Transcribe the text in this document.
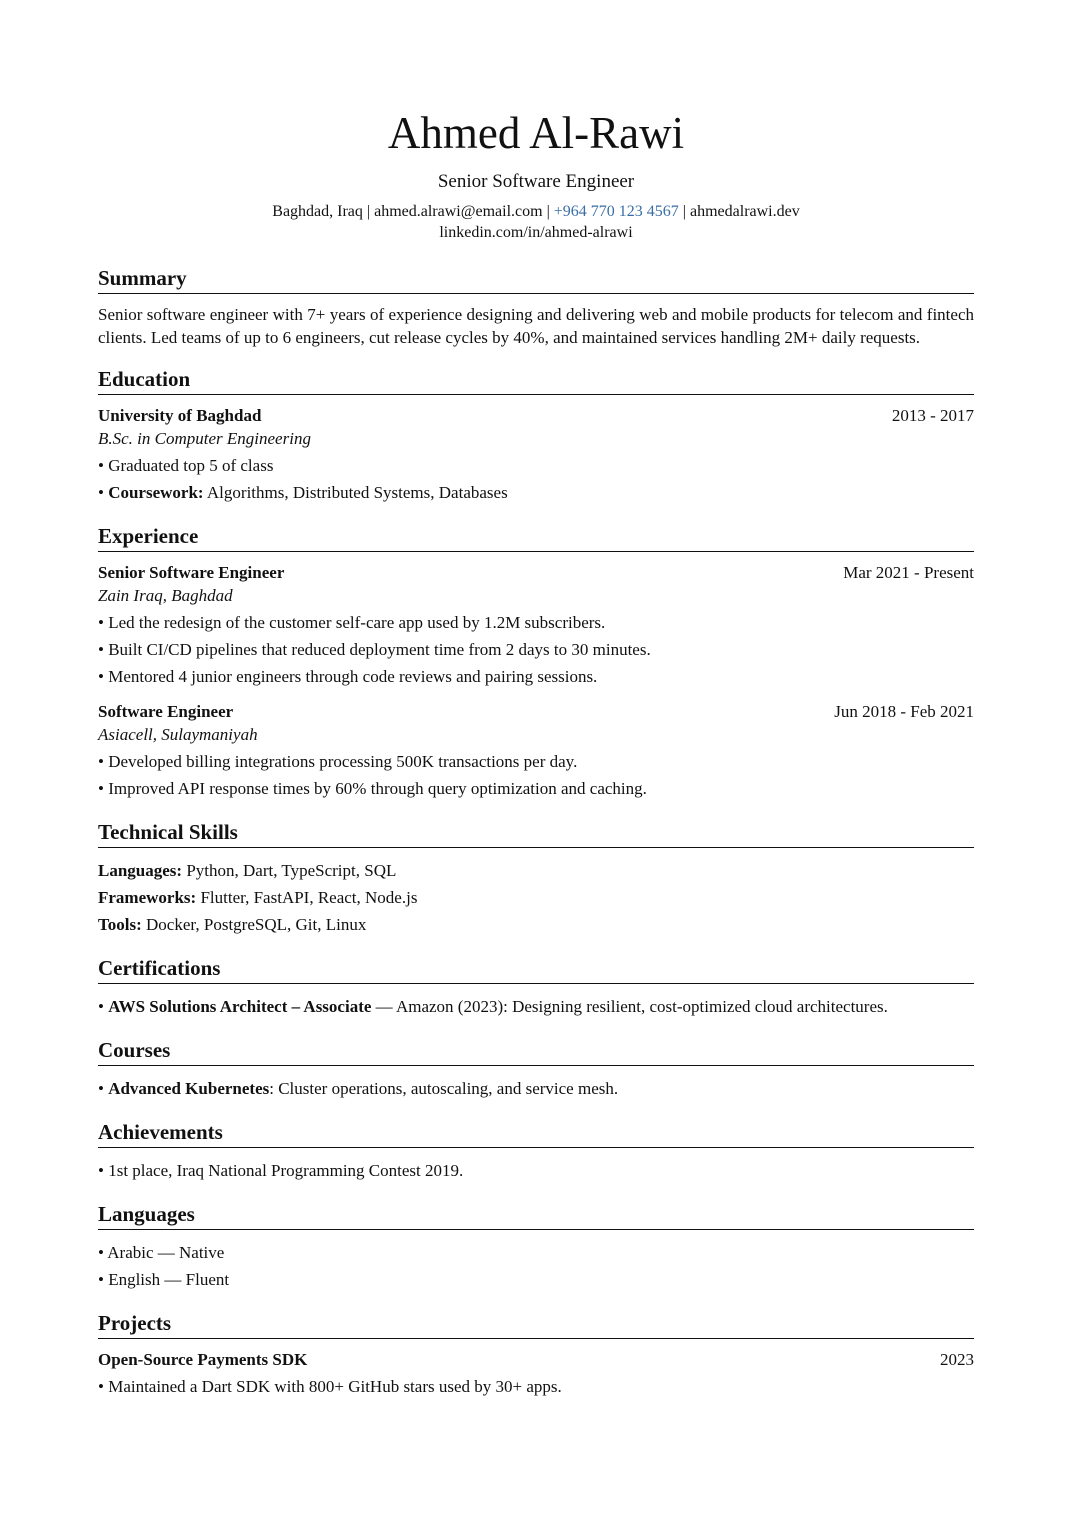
Ahmed Al-Rawi
Senior Software Engineer
Baghdad, Iraq | ahmed.alrawi@email.com | +964 770 123 4567 | ahmedalrawi.dev
linkedin.com/in/ahmed-alrawi
Summary

Senior software engineer with 7+ years of experience designing and delivering web and mobile products for telecom and fintech clients. Led teams of up to 6 engineers, cut release cycles by 40%, and maintained services handling 2M+ daily requests.

Education
University of Baghdad	2013 - 2017
B.Sc. in Computer Engineering
• Graduated top 5 of class
• Coursework: Algorithms, Distributed Systems, Databases
Experience
Senior Software Engineer	Mar 2021 - Present
Zain Iraq, Baghdad
• Led the redesign of the customer self-care app used by 1.2M subscribers.
• Built CI/CD pipelines that reduced deployment time from 2 days to 30 minutes.
• Mentored 4 junior engineers through code reviews and pairing sessions.
Software Engineer	Jun 2018 - Feb 2021
Asiacell, Sulaymaniyah
• Developed billing integrations processing 500K transactions per day.
• Improved API response times by 60% through query optimization and caching.
Technical Skills
Languages: Python, Dart, TypeScript, SQL
Frameworks: Flutter, FastAPI, React, Node.js
Tools: Docker, PostgreSQL, Git, Linux
Certifications
• AWS Solutions Architect – Associate — Amazon (2023): Designing resilient, cost-optimized cloud architectures.
Courses
• Advanced Kubernetes: Cluster operations, autoscaling, and service mesh.
Achievements
• 1st place, Iraq National Programming Contest 2019.
Languages
• Arabic — Native
• English — Fluent
Projects
Open-Source Payments SDK	2023
• Maintained a Dart SDK with 800+ GitHub stars used by 30+ apps.
